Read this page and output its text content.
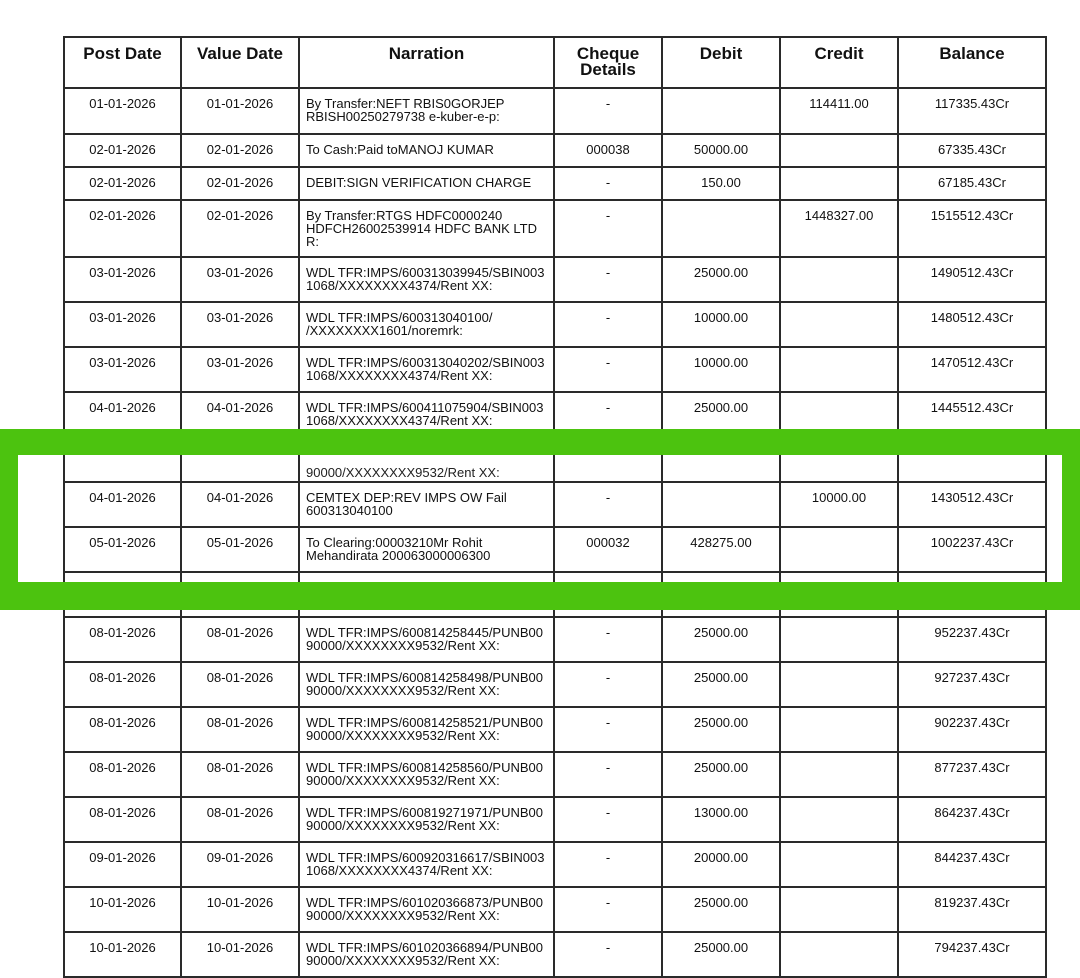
Post Date	Value Date	Narration	Cheque
Details	Debit	Credit	Balance
01-01-2026	01-01-2026	By Transfer:NEFT RBIS0GORJEP
RBISH00250279738 e-kuber-e-p:	-		114411.00	117335.43Cr
02-01-2026	02-01-2026	To Cash:Paid toMANOJ KUMAR	000038	50000.00		67335.43Cr
02-01-2026	02-01-2026	DEBIT:SIGN VERIFICATION CHARGE	-	150.00		67185.43Cr
02-01-2026	02-01-2026	By Transfer:RTGS HDFC0000240
HDFCH26002539914 HDFC BANK LTD
R:	-		1448327.00	1515512.43Cr
03-01-2026	03-01-2026	WDL TFR:IMPS/600313039945/SBIN003
1068/XXXXXXXX4374/Rent XX:	-	25000.00		1490512.43Cr
03-01-2026	03-01-2026	WDL TFR:IMPS/600313040100/
/XXXXXXXX1601/noremrk:	-	10000.00		1480512.43Cr
03-01-2026	03-01-2026	WDL TFR:IMPS/600313040202/SBIN003
1068/XXXXXXXX4374/Rent XX:	-	10000.00		1470512.43Cr
04-01-2026	04-01-2026	WDL TFR:IMPS/600411075904/SBIN003
1068/XXXXXXXX4374/Rent XX:	-	25000.00		1445512.43Cr
		90000/XXXXXXXX9532/Rent XX:				
04-01-2026	04-01-2026	CEMTEX DEP:REV IMPS OW Fail
600313040100	-		10000.00	1430512.43Cr
05-01-2026	05-01-2026	To Clearing:00003210Mr Rohit
Mehandirata 200063000006300	000032	428275.00		1002237.43Cr

08-01-2026	08-01-2026	WDL TFR:IMPS/600814258445/PUNB00
90000/XXXXXXXX9532/Rent XX:	-	25000.00		952237.43Cr
08-01-2026	08-01-2026	WDL TFR:IMPS/600814258498/PUNB00
90000/XXXXXXXX9532/Rent XX:	-	25000.00		927237.43Cr
08-01-2026	08-01-2026	WDL TFR:IMPS/600814258521/PUNB00
90000/XXXXXXXX9532/Rent XX:	-	25000.00		902237.43Cr
08-01-2026	08-01-2026	WDL TFR:IMPS/600814258560/PUNB00
90000/XXXXXXXX9532/Rent XX:	-	25000.00		877237.43Cr
08-01-2026	08-01-2026	WDL TFR:IMPS/600819271971/PUNB00
90000/XXXXXXXX9532/Rent XX:	-	13000.00		864237.43Cr
09-01-2026	09-01-2026	WDL TFR:IMPS/600920316617/SBIN003
1068/XXXXXXXX4374/Rent XX:	-	20000.00		844237.43Cr
10-01-2026	10-01-2026	WDL TFR:IMPS/601020366873/PUNB00
90000/XXXXXXXX9532/Rent XX:	-	25000.00		819237.43Cr
10-01-2026	10-01-2026	WDL TFR:IMPS/601020366894/PUNB00
90000/XXXXXXXX9532/Rent XX:	-	25000.00		794237.43Cr
